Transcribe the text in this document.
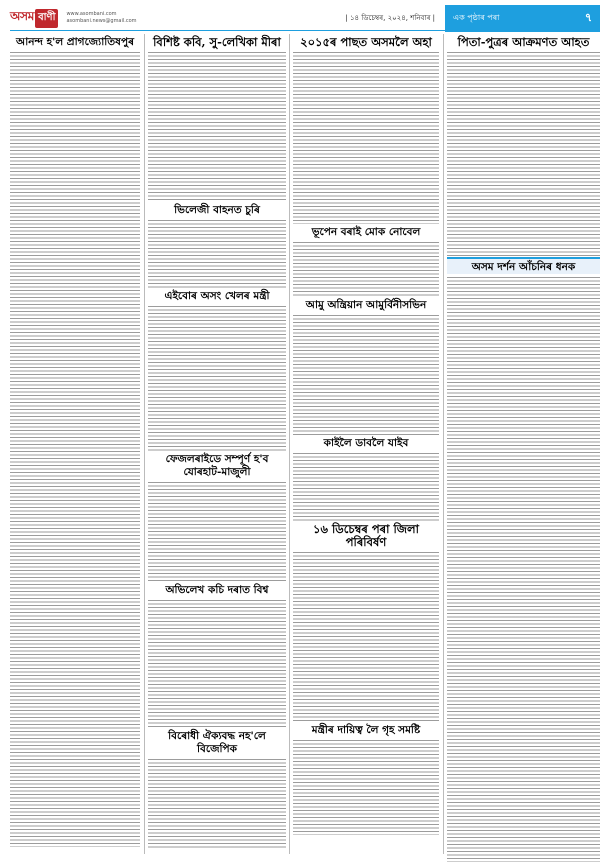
অসম বাণী	www.asombani.com
asombani.news@gmail.com	| ১৪ ডিচেম্বৰ, ২০২৪, শনিবাৰ | এক পৃষ্ঠাৰ পৰা	৭
আনন্দ হ'ল প্ৰাগজ্যোতিষপুৰ	বিশিষ্ট কবি, সু-লেখিকা মীৰা
ভিলেজী বাহনত চুৰি
এইবোৰ অসং খেলৰ মন্ত্ৰী
ফেজলৰাইডে সম্পূৰ্ণ হ'ব যোৰহাট-মাজুলী
অভিলেখ কচি দৰাত বিশ্ব
বিৰোধী ঐক্যবদ্ধ নহ'লে বিজেপিক
২০১৫ৰ পাছত অসমলৈ অহা
ভূপেন বৰাই মোক নোবেল
আমু অন্ত্ৰিয়ান আমুৰ্বিনীসভিন
কাইলৈ ডাবলৈ যাইব
১৬ ডিচেম্বৰ পৰা জিলা পৰিবিৰ্ষণ
মন্ত্ৰীৰ দায়িত্ব লৈ গৃহ সমষ্টি
পিতা-পুত্ৰৰ আক্ৰমণত আহত
অসম দৰ্শন আঁচনিৰ ধনক
